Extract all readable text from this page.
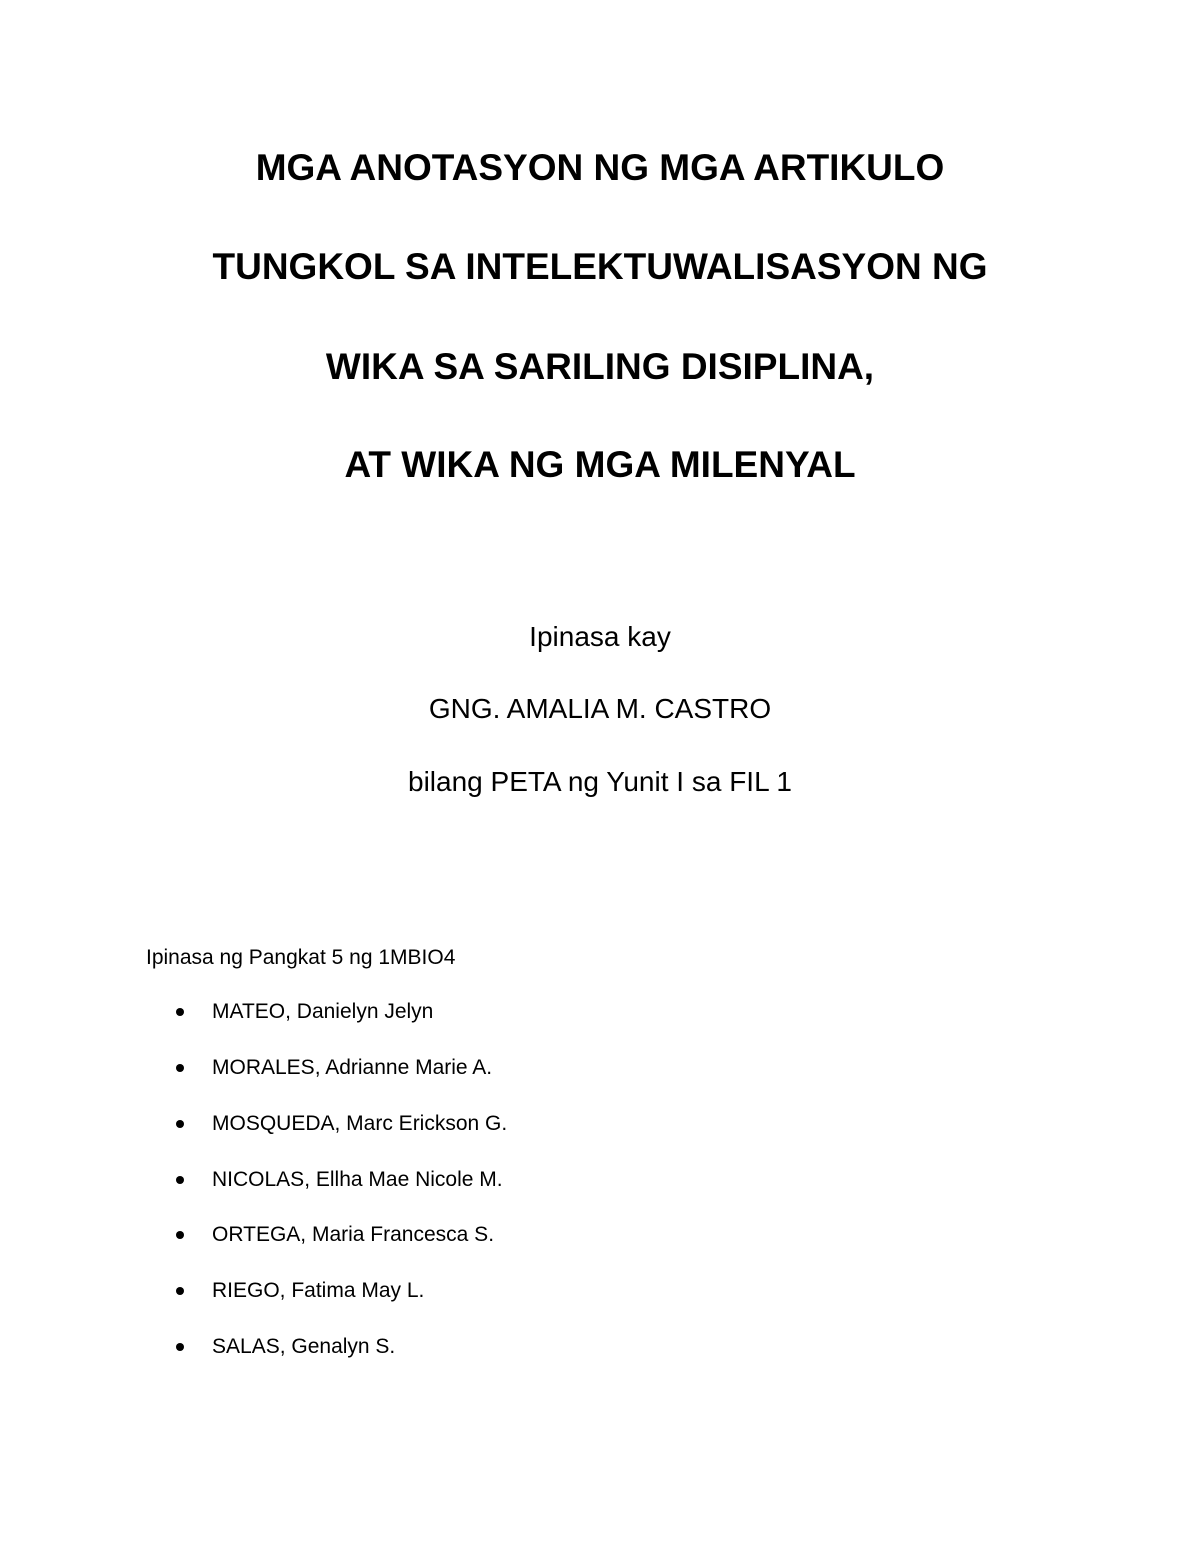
MGA ANOTASYON NG MGA ARTIKULO
TUNGKOL SA INTELEKTUWALISASYON NG
WIKA SA SARILING DISIPLINA,
AT WIKA NG MGA MILENYAL
Ipinasa kay
GNG. AMALIA M. CASTRO
bilang PETA ng Yunit I sa FIL 1
Ipinasa ng Pangkat 5 ng 1MBIO4
MATEO, Danielyn Jelyn
MORALES, Adrianne Marie A.
MOSQUEDA, Marc Erickson G.
NICOLAS, Ellha Mae Nicole M.
ORTEGA, Maria Francesca S.
RIEGO, Fatima May L.
SALAS, Genalyn S.
